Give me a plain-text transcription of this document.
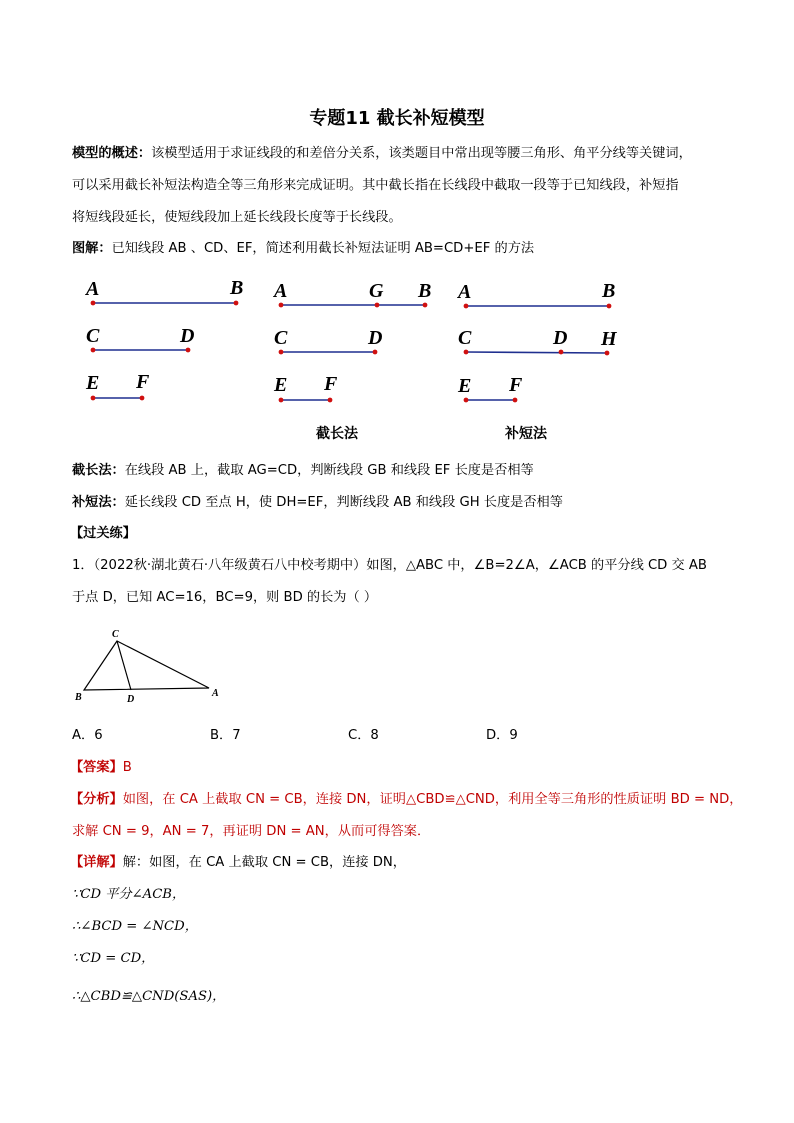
专题11 截长补短模型
模型的概述：该模型适用于求证线段的和差倍分关系，该类题目中常出现等腰三角形、角平分线等关键词，
可以采用截长补短法构造全等三角形来完成证明。其中截长指在长线段中截取一段等于已知线段，补短指
将短线段延长，使短线段加上延长线段长度等于长线段。
图解：已知线段 AB 、CD、EF，简述利用截长补短法证明 AB=CD+EF 的方法
A	B
C	D
E F
A	G B
C	D
E F
A	B
C	D H
E F
截长法	补短法
C
B	D
A
截长法：在线段 AB 上，截取 AG=CD，判断线段 GB 和线段 EF 长度是否相等
补短法：延长线段 CD 至点 H，使 DH=EF，判断线段 AB 和线段 GH 长度是否相等
【过关练】
1．（2022秋·湖北黄石·八年级黄石八中校考期中）如图，△ABC 中，∠B=2∠A，∠ACB 的平分线 CD 交 AB
于点 D，已知 AC=16，BC=9，则 BD 的长为（ ）
A．6	B．7	C．8	D．9
【答案】B
【分析】如图，在 CA 上截取 CN = CB，连接 DN，证明△CBD≌△CND，利用全等三角形的性质证明 BD = ND，
求解 CN = 9，AN = 7，再证明 DN = AN，从而可得答案．
【详解】解：如图，在 CA 上截取 CN = CB，连接 DN，
∵CD 平分∠ACB，
∴∠BCD = ∠NCD，
∵CD = CD，
∴△CBD≌△CND(SAS)，
